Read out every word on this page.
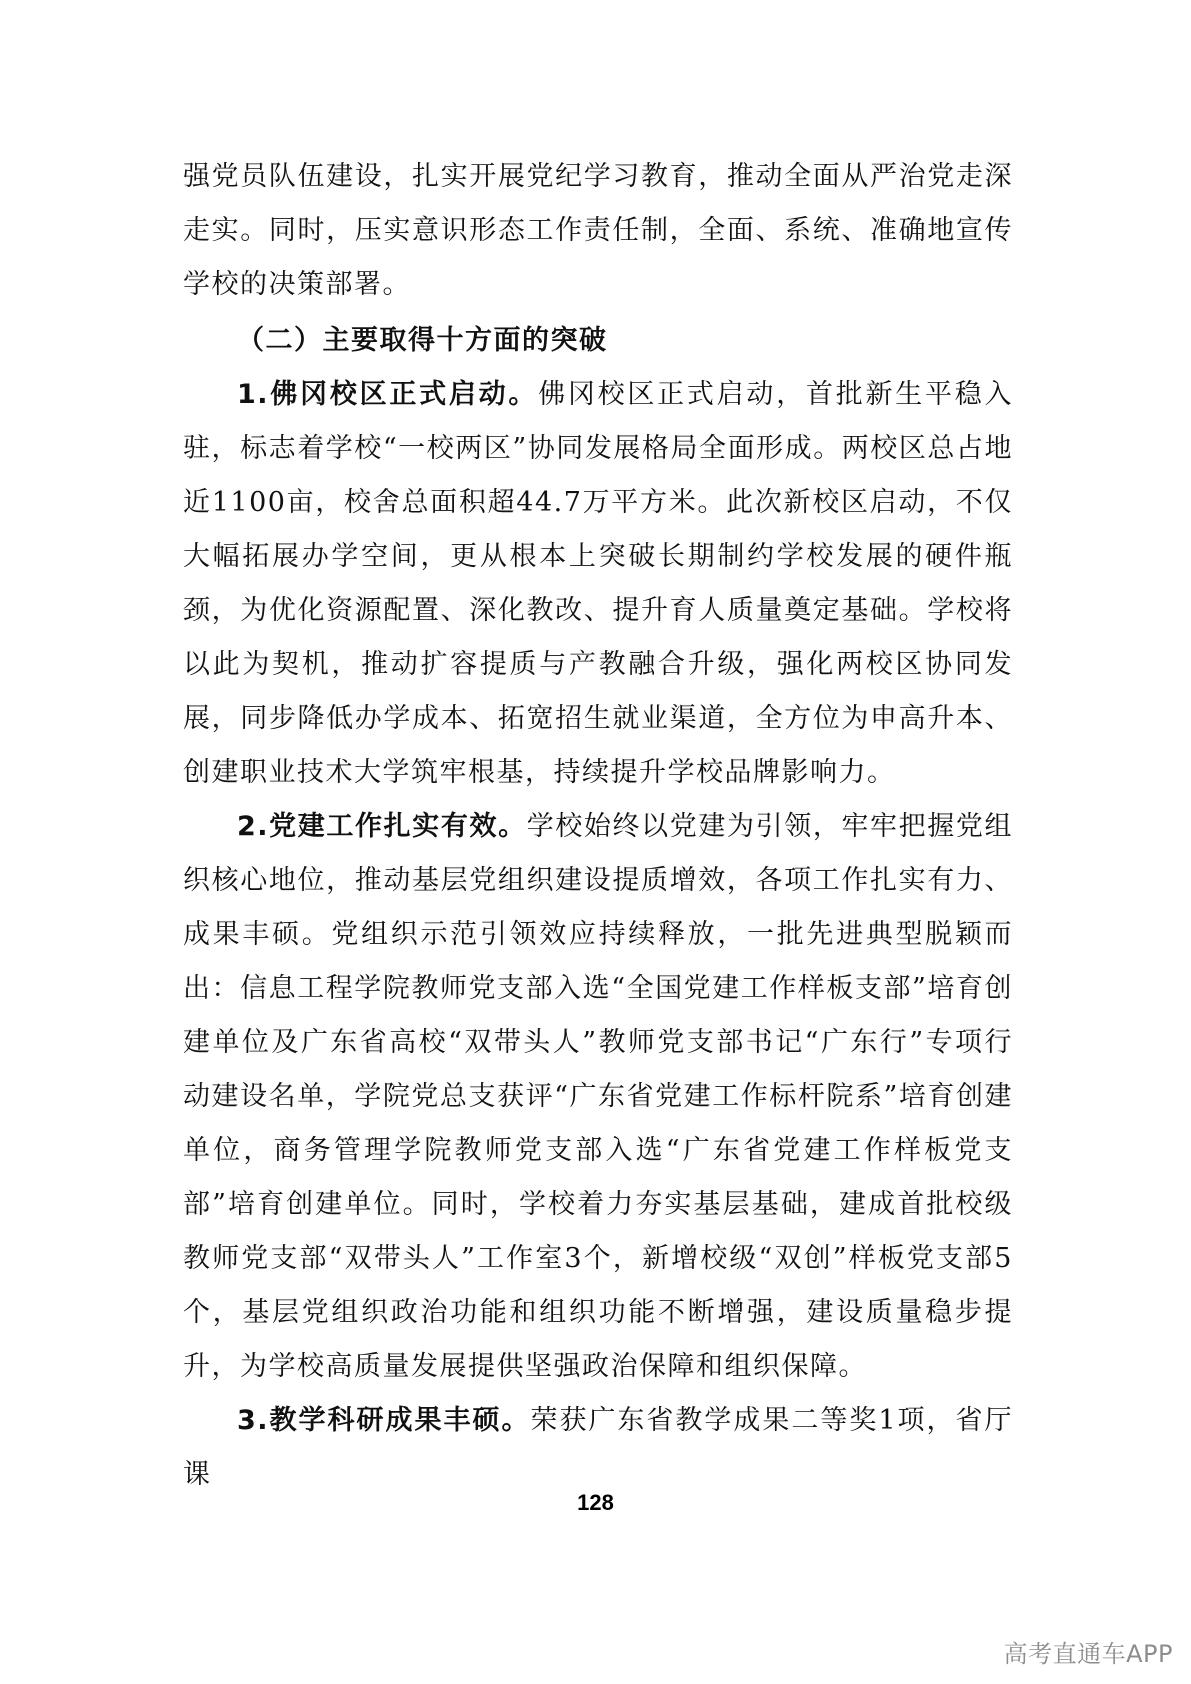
强党员队伍建设，扎实开展党纪学习教育，推动全面从严治党走深走实。同时，压实意识形态工作责任制，全面、系统、准确地宣传学校的决策部署。

（二）主要取得十方面的突破

1.佛冈校区正式启动。佛冈校区正式启动，首批新生平稳入驻，标志着学校“一校两区”协同发展格局全面形成。两校区总占地近1100亩，校舍总面积超44.7万平方米。此次新校区启动，不仅大幅拓展办学空间，更从根本上突破长期制约学校发展的硬件瓶颈，为优化资源配置、深化教改、提升育人质量奠定基础。学校将以此为契机，推动扩容提质与产教融合升级，强化两校区协同发展，同步降低办学成本、拓宽招生就业渠道，全方位为申高升本、创建职业技术大学筑牢根基，持续提升学校品牌影响力。

2.党建工作扎实有效。学校始终以党建为引领，牢牢把握党组织核心地位，推动基层党组织建设提质增效，各项工作扎实有力、成果丰硕。党组织示范引领效应持续释放，一批先进典型脱颖而出：信息工程学院教师党支部入选“全国党建工作样板支部”培育创建单位及广东省高校“双带头人”教师党支部书记“广东行”专项行动建设名单，学院党总支获评“广东省党建工作标杆院系”培育创建单位，商务管理学院教师党支部入选“广东省党建工作样板党支部”培育创建单位。同时，学校着力夯实基层基础，建成首批校级教师党支部“双带头人”工作室3个，新增校级“双创”样板党支部5个，基层党组织政治功能和组织功能不断增强，建设质量稳步提升，为学校高质量发展提供坚强政治保障和组织保障。

3.教学科研成果丰硕。荣获广东省教学成果二等奖1项，省厅课

128
高考直通车APP
